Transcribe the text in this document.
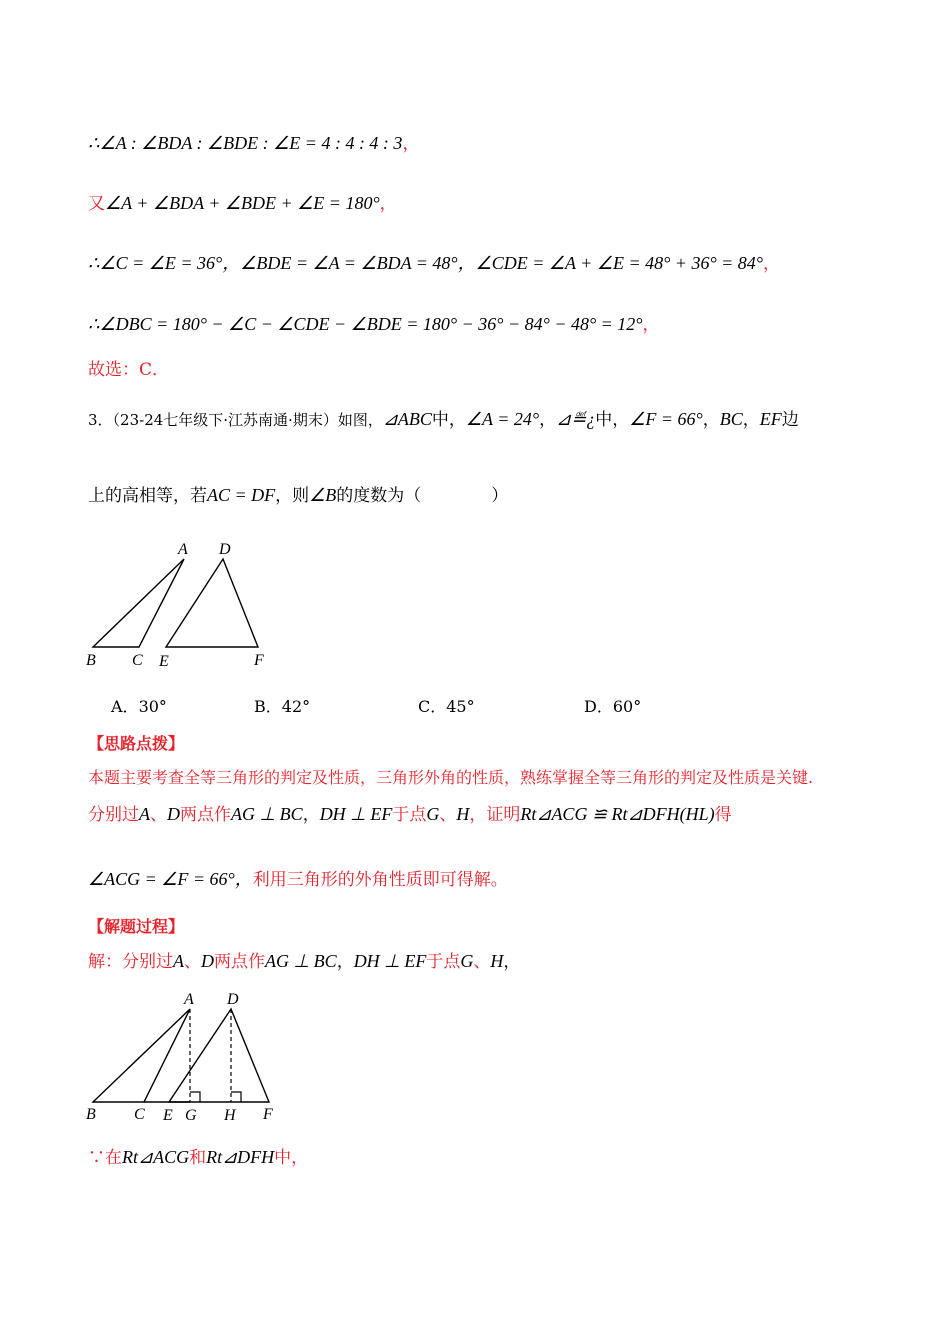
∴∠A : ∠BDA : ∠BDE : ∠E = 4 : 4 : 4 : 3，
又∠A + ∠BDA + ∠BDE + ∠E = 180°，
∴∠C = ∠E = 36°，∠BDE = ∠A = ∠BDA = 48°，∠CDE = ∠A + ∠E = 48° + 36° = 84°，
∴∠DBC = 180° − ∠C − ∠CDE − ∠BDE = 180° − 36° − 84° − 48° = 12°，
故选：C．
3．（23-24七年级下·江苏南通·期末）如图，⊿ABC中，∠A = 24°，⊿≝¿中，∠F = 66°，BC，EF边
上的高相等，若AC = DF，则∠B的度数为（	）
A D
B C E	F
A．30°	B．42°	C．45°	D．60°
【思路点拨】
本题主要考查全等三角形的判定及性质，三角形外角的性质，熟练掌握全等三角形的判定及性质是关键.
分别过A、D两点作AG ⊥ BC，DH ⊥ EF于点G、H，证明Rt⊿ACG ≌ Rt⊿DFH(HL)得
∠ACG = ∠F = 66°，利用三角形的外角性质即可得解。
【解题过程】
解：分别过A、D两点作AG ⊥ BC，DH ⊥ EF于点G、H，
A D
B C E G H F
∵在Rt⊿ACG和Rt⊿DFH中，
